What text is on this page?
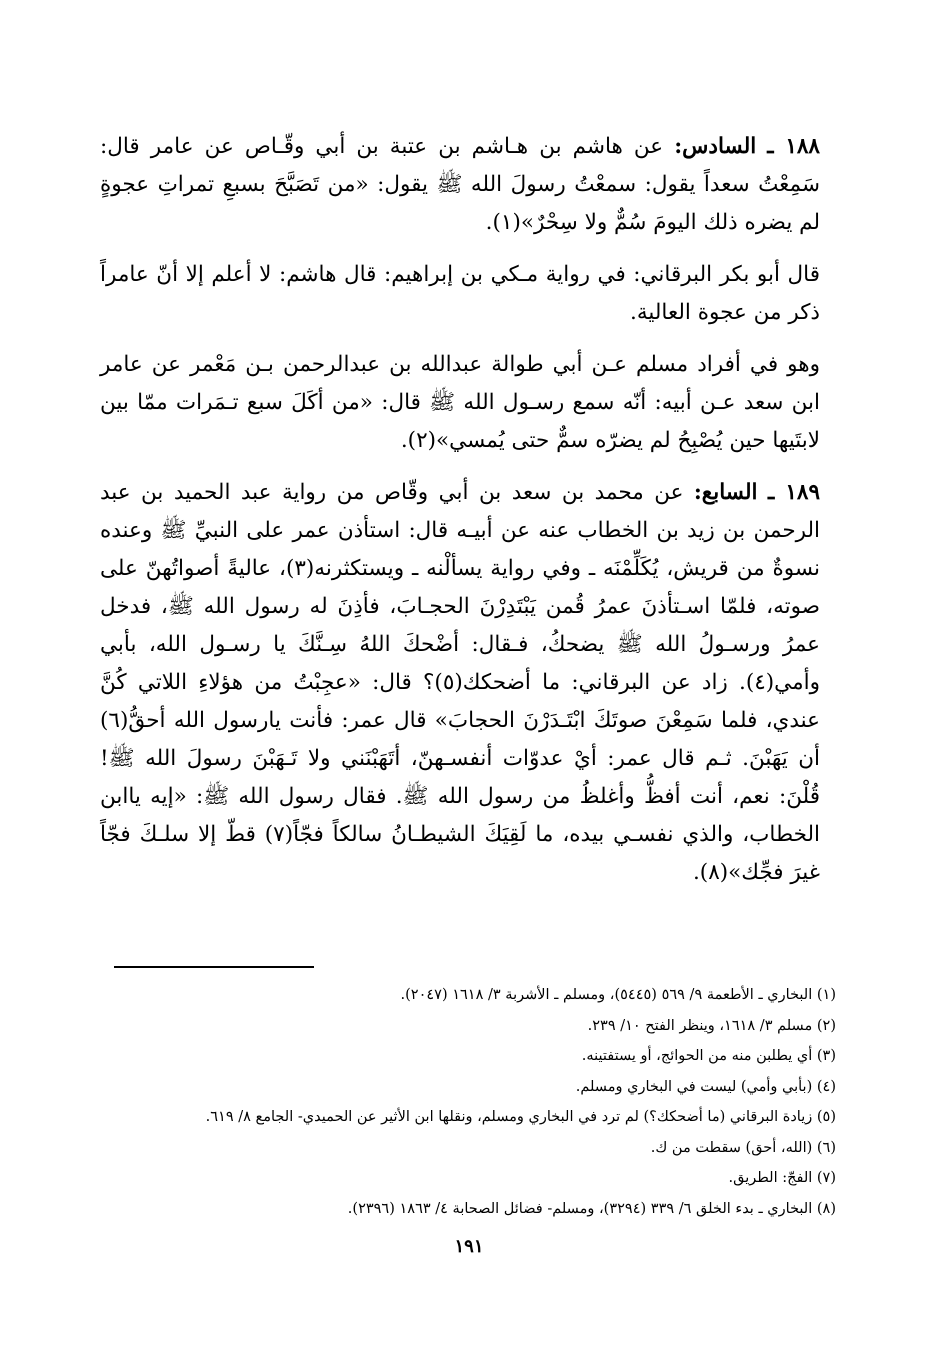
١٨٨ ـ السادس: عن هاشم بن هـاشم بن عتبة بن أبي وقّـاص عن عامر قال: سَمِعْتُ سعداً يقول: سمعْتُ رسولَ الله ﷺ يقول: «من تَصَبَّحَ بسبعِ تمراتِ عجوةٍ لم يضره ذلك اليومَ سُمٌّ ولا سِحْرٌ»(١).

قال أبو بكر البرقاني: في رواية مـكي بن إبراهيم: قال هاشم: لا أعلم إلا أنّ عامراً ذكر من عجوة العالية.

وهو في أفراد مسلم عـن أبي طوالة عبدالله بن عبدالرحمن بـن مَعْمر عن عامر ابن سعد عـن أبيه: أنّه سمع رسـول الله ﷺ قال: «من أكَلَ سبع تـمَرات ممّا بين لابتَيها حين يُصْبِحُ لم يضرّه سمٌّ حتى يُمسي»(٢).

١٨٩ ـ السابع: عن محمد بن سعد بن أبي وقّاص من رواية عبد الحميد بن عبد الرحمن بن زيد بن الخطاب عنه عن أبيـه قال: استأذن عمر على النبيِّ ﷺ وعنده نسوةٌ من قريش، يُكَلِّمْنَه ـ وفي رواية يسألْنه ـ ويستكثرنه(٣)، عاليةً أصواتُهنّ على صوته، فلمّا اسـتأذنَ عمرُ قُمن يَبْتَدِرْنَ الحجـابَ، فأذِنَ له رسول الله ﷺ، فدخل عمرُ ورسـولُ الله ﷺ يضحكُ، فـقال: أضْحكَ اللهُ سِـنَّكَ يا رسـول الله، بأبي وأمي(٤). زاد عن البرقاني: ما أضحكك(٥)؟ قال: «عجِبْتُ من هؤلاءِ اللاتي كُنَّ عندي، فلما سَمِعْنَ صوتَكَ ابْتَـدَرْنَ الحجابَ» قال عمر: فأنت يارسول الله أحقُّ(٦) أن يَهَبْنَ. ثـم قال عمر: أيْ عدوّات أنفسـهنّ، أتَهَبْنَني ولا تَـهَبْنَ رسولَ الله ﷺ! قُلْنَ: نعم، أنت أفظُّ وأغلظُ من رسول الله ﷺ. فقال رسول الله ﷺ: «إيه ياابن الخطاب، والذي نفسـي بيده، ما لَقِيَكَ الشيطـانُ سالكاً فجّاً(٧) قطّ إلا سلـكَ فجّاً غيرَ فجِّك»(٨).

(١) البخاري ـ الأطعمة ٩/ ٥٦٩ (٥٤٤٥)، ومسلم ـ الأشربة ٣/ ١٦١٨ (٢٠٤٧).

(٢) مسلم ٣/ ١٦١٨، وينظر الفتح ١٠/ ٢٣٩.

(٣) أي يطلبن منه من الحوائج، أو يستفتينه.

(٤) (بأبي وأمي) ليست في البخاري ومسلم.

(٥) زيادة البرقاني (ما أضحكك؟) لم ترد في البخاري ومسلم، ونقلها ابن الأثير عن الحميدي- الجامع ٨/ ٦١٩.

(٦) (الله، أحق) سقطت من ك.

(٧) الفجّ: الطريق.

(٨) البخاري ـ بدء الخلق ٦/ ٣٣٩ (٣٢٩٤)، ومسلم- فضائل الصحابة ٤/ ١٨٦٣ (٢٣٩٦).

١٩١
